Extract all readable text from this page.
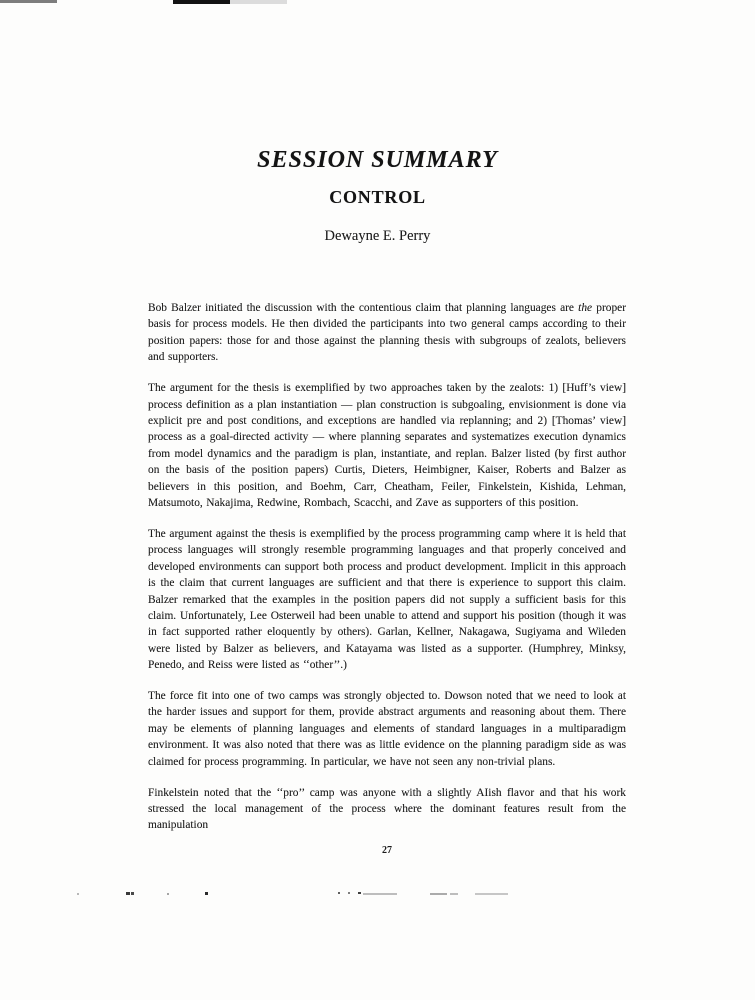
SESSION SUMMARY
CONTROL
Dewayne E. Perry

Bob Balzer initiated the discussion with the contentious claim that planning languages are the proper basis for process models. He then divided the participants into two general camps according to their position papers: those for and those against the planning thesis with subgroups of zealots, believers and supporters.

The argument for the thesis is exemplified by two approaches taken by the zealots: 1) [Huff’s view] process definition as a plan instantiation — plan construction is subgoaling, envisionment is done via explicit pre and post conditions, and exceptions are handled via replanning; and 2) [Thomas’ view] process as a goal-directed activity — where planning separates and systematizes execution dynamics from model dynamics and the paradigm is plan, instantiate, and replan. Balzer listed (by first author on the basis of the position papers) Curtis, Dieters, Heimbigner, Kaiser, Roberts and Balzer as believers in this position, and Boehm, Carr, Cheatham, Feiler, Finkelstein, Kishida, Lehman, Matsumoto, Nakajima, Redwine, Rombach, Scacchi, and Zave as supporters of this position.

The argument against the thesis is exemplified by the process programming camp where it is held that process languages will strongly resemble programming languages and that properly conceived and developed environments can support both process and product development. Implicit in this approach is the claim that current languages are sufficient and that there is experience to support this claim. Balzer remarked that the examples in the position papers did not supply a sufficient basis for this claim. Unfortunately, Lee Osterweil had been unable to attend and support his position (though it was in fact supported rather eloquently by others). Garlan, Kellner, Nakagawa, Sugiyama and Wileden were listed by Balzer as believers, and Katayama was listed as a supporter. (Humphrey, Minksy, Penedo, and Reiss were listed as ‘‘other’’.)

The force fit into one of two camps was strongly objected to. Dowson noted that we need to look at the harder issues and support for them, provide abstract arguments and reasoning about them. There may be elements of planning languages and elements of standard languages in a multiparadigm environment. It was also noted that there was as little evidence on the planning paradigm side as was claimed for process programming. In particular, we have not seen any non-trivial plans.

Finkelstein noted that the ‘‘pro’’ camp was anyone with a slightly AIish flavor and that his work stressed the local management of the process where the dominant features result from the manipulation

27
